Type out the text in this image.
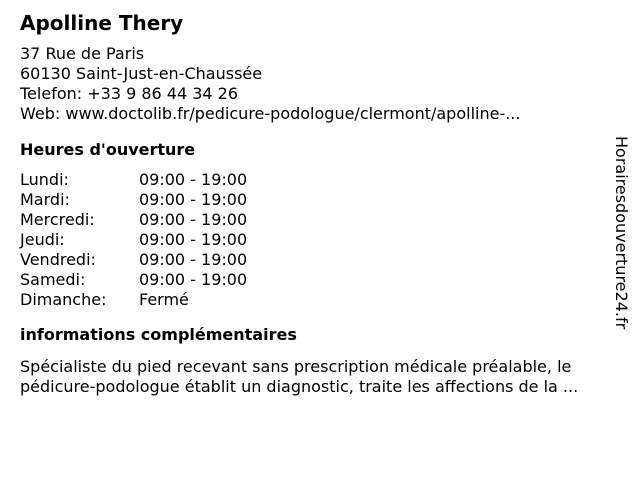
Apolline Thery
37 Rue de Paris
60130 Saint-Just-en-Chaussée
Telefon: +33 9 86 44 34 26
Web: www.doctolib.fr/pedicure-podologue/clermont/apolline-...
Heures d'ouverture
Lundi:	09:00 - 19:00
Mardi:	09:00 - 19:00
Mercredi:	09:00 - 19:00
Jeudi:	09:00 - 19:00
Vendredi:	09:00 - 19:00
Samedi:	09:00 - 19:00
Dimanche:	Fermé
informations complémentaires
Spécialiste du pied recevant sans prescription médicale préalable, le
pédicure-podologue établit un diagnostic, traite les affections de la ...
Horairesdouverture24.fr
